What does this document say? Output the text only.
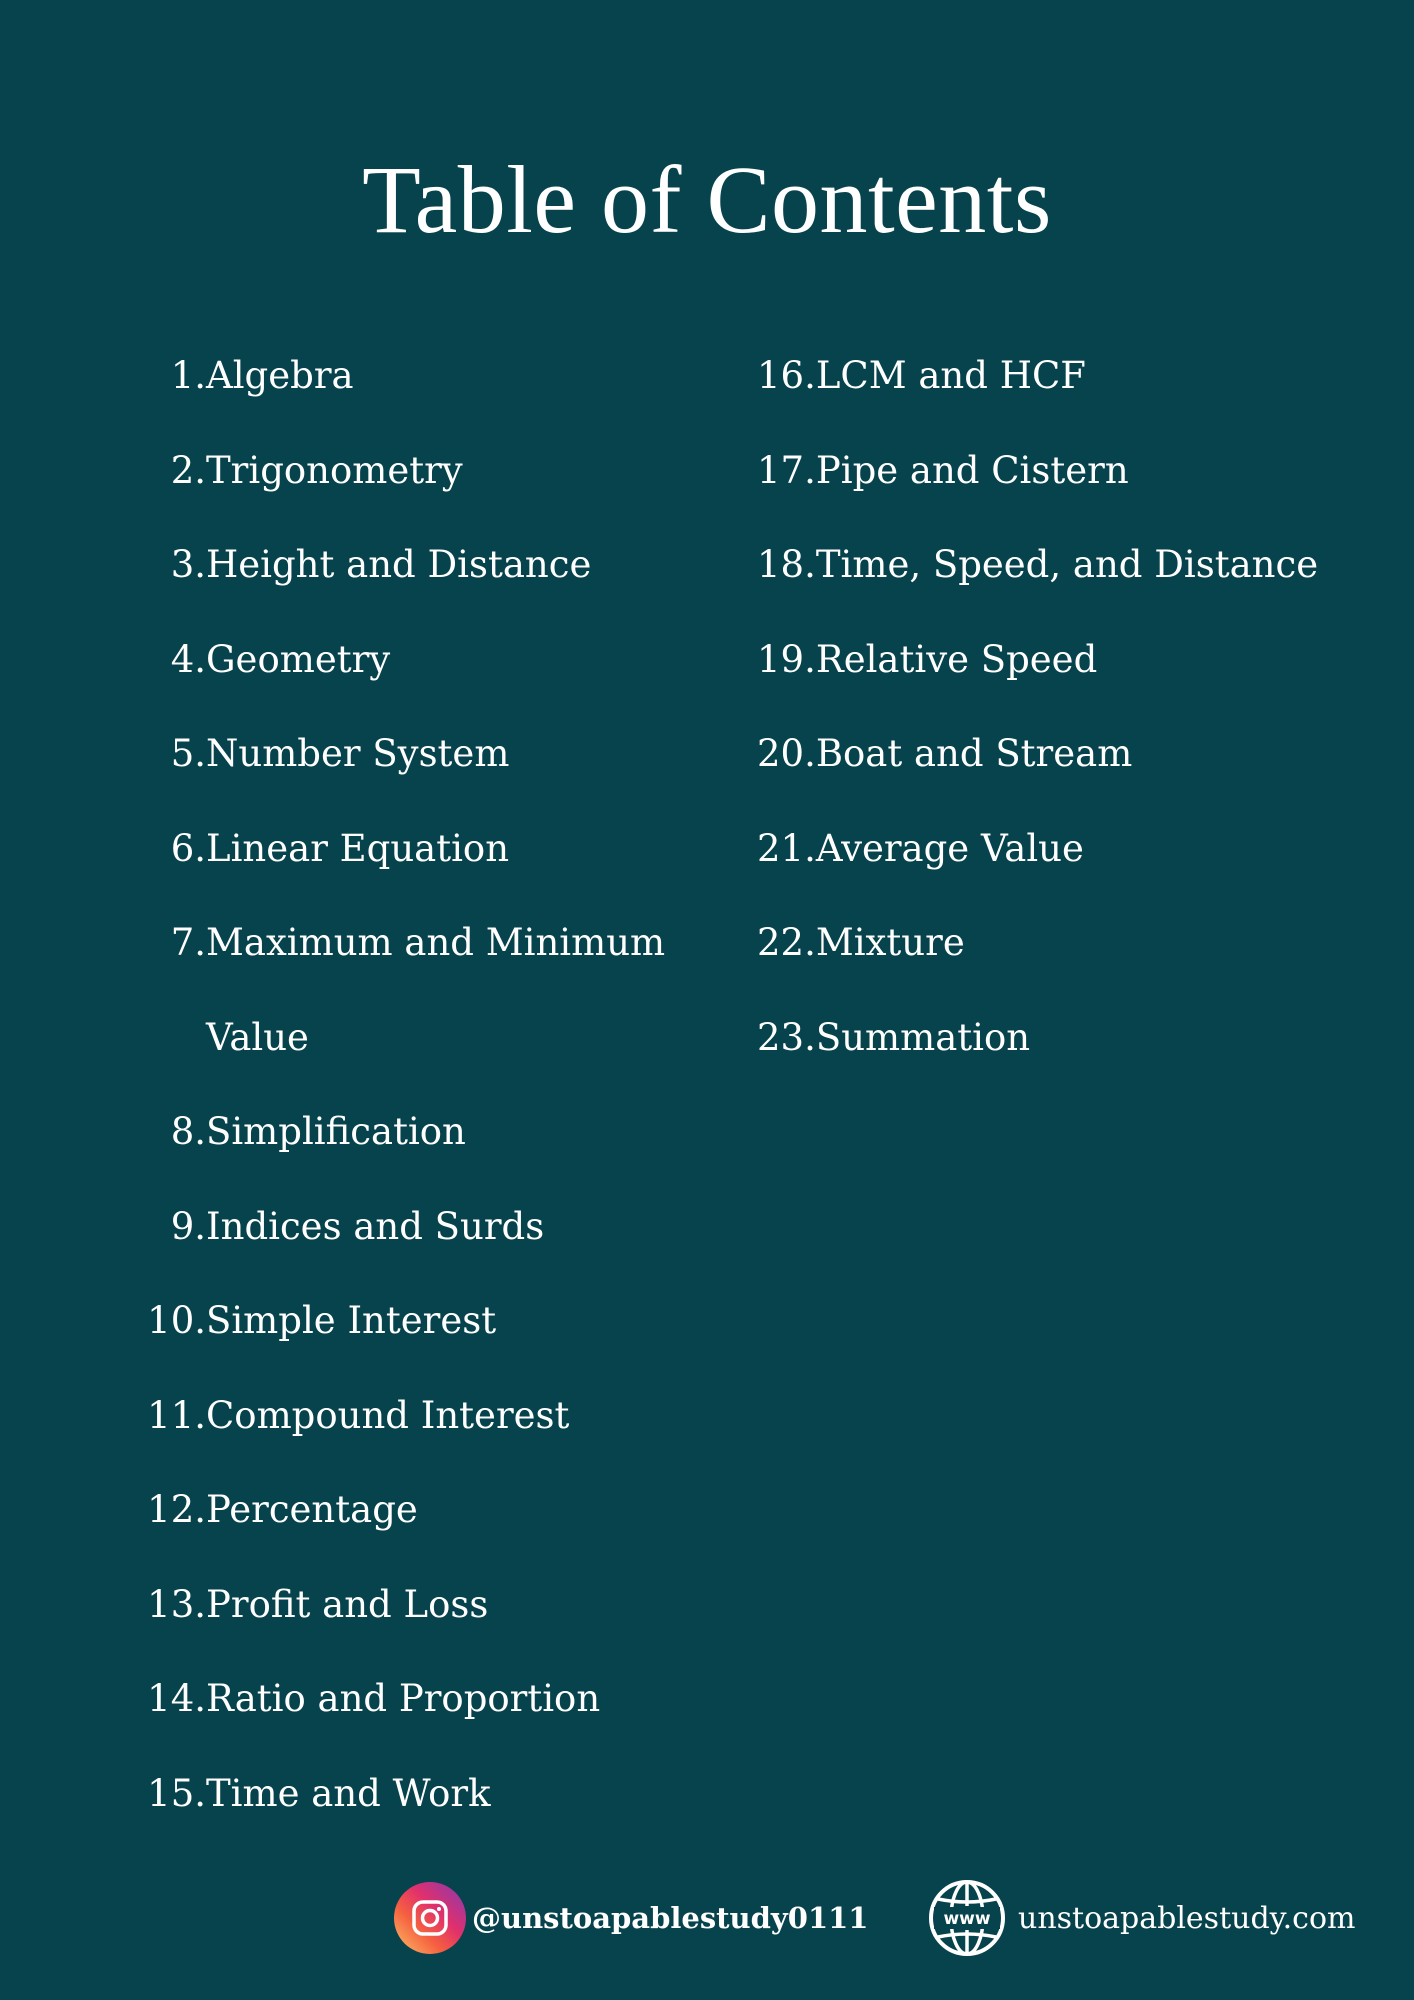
Table of Contents
1. Algebra
2. Trigonometry
3. Height and Distance
4. Geometry
5. Number System
6. Linear Equation
7. Maximum and Minimum Value
8. Simplification
9. Indices and Surds
10. Simple Interest
11. Compound Interest
12. Percentage
13. Profit and Loss
14. Ratio and Proportion
15. Time and Work
16.LCM and HCF
17.Pipe and Cistern
18.Time, Speed, and Distance
19.Relative Speed
20.Boat and Stream
21.Average Value
22.Mixture
23.Summation
@unstoapablestudy0111	www unstoapablestudy.com
